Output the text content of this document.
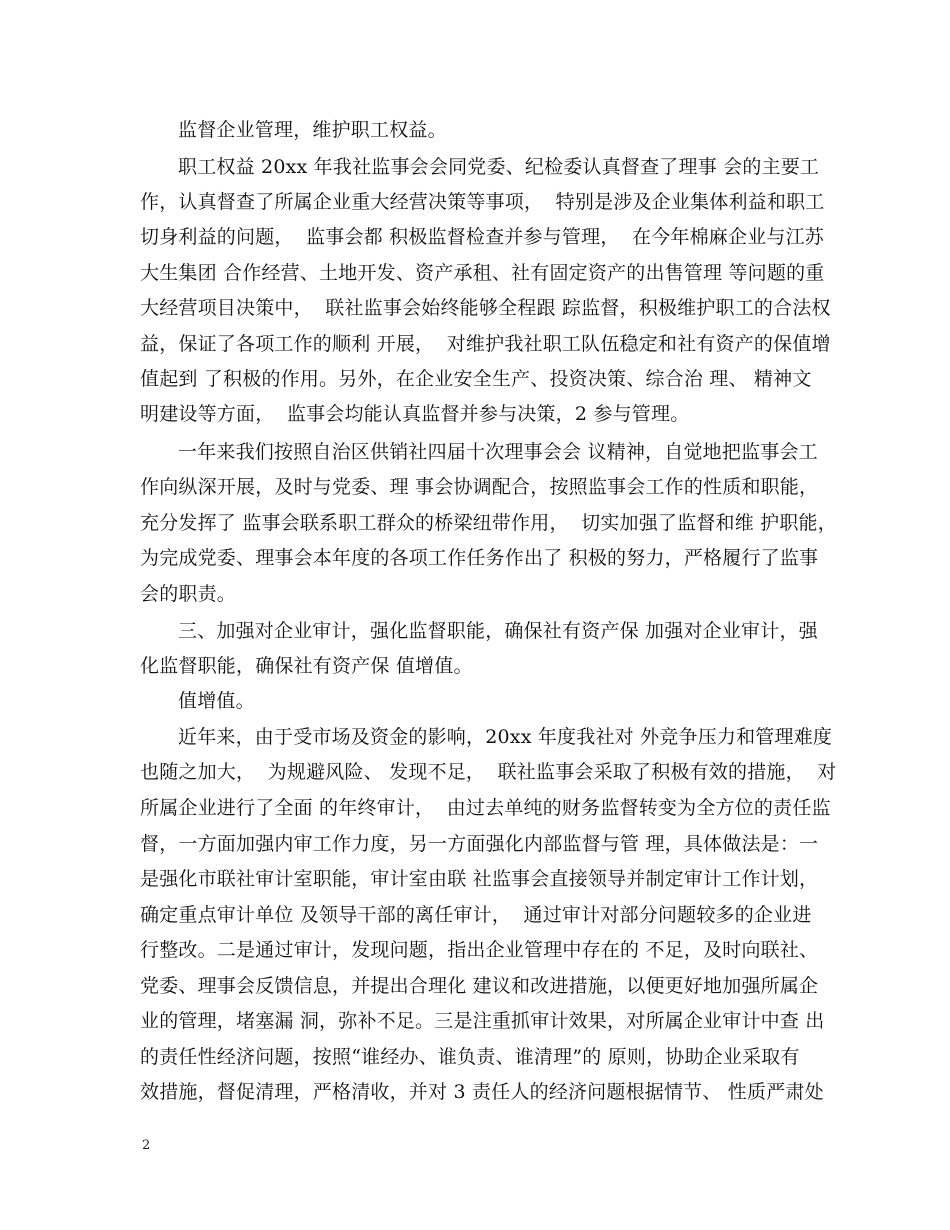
监督企业管理，维护职工权益。
职工权益 20xx 年我社监事会会同党委、纪检委认真督查了理事 会的主要工
作，认真督查了所属企业重大经营决策等事项，  特别是涉及企业集体利益和职工
切身利益的问题，  监事会都 积极监督检查并参与管理，  在今年棉麻企业与江苏
大生集团 合作经营、土地开发、资产承租、社有固定资产的出售管理 等问题的重
大经营项目决策中，  联社监事会始终能够全程跟 踪监督，积极维护职工的合法权
益，保证了各项工作的顺利 开展，  对维护我社职工队伍稳定和社有资产的保值增
值起到 了积极的作用。另外，在企业安全生产、投资决策、综合治 理、 精神文
明建设等方面，  监事会均能认真监督并参与决策，2 参与管理。
一年来我们按照自治区供销社四届十次理事会会 议精神，自觉地把监事会工
作向纵深开展，及时与党委、理 事会协调配合，按照监事会工作的性质和职能，
充分发挥了 监事会联系职工群众的桥梁纽带作用，  切实加强了监督和维 护职能，
为完成党委、理事会本年度的各项工作任务作出了 积极的努力，严格履行了监事
会的职责。
三、加强对企业审计，强化监督职能，确保社有资产保 加强对企业审计，强
化监督职能，确保社有资产保 值增值。
值增值。
近年来，由于受市场及资金的影响，20xx 年度我社对 外竞争压力和管理难度
也随之加大，  为规避风险、 发现不足，  联社监事会采取了积极有效的措施，  对
所属企业进行了全面 的年终审计，  由过去单纯的财务监督转变为全方位的责任监
督，一方面加强内审工作力度，另一方面强化内部监督与管 理，具体做法是：一
是强化市联社审计室职能，审计室由联 社监事会直接领导并制定审计工作计划，
确定重点审计单位 及领导干部的离任审计，  通过审计对部分问题较多的企业进
行整改。二是通过审计，发现问题，指出企业管理中存在的 不足，及时向联社、
党委、理事会反馈信息，并提出合理化 建议和改进措施，以便更好地加强所属企
业的管理，堵塞漏 洞，弥补不足。三是注重抓审计效果，对所属企业审计中查 出
的责任性经济问题，按照“谁经办、谁负责、谁清理”的 原则，协助企业采取有
效措施，督促清理，严格清收，并对 3 责任人的经济问题根据情节、 性质严肃处
2
